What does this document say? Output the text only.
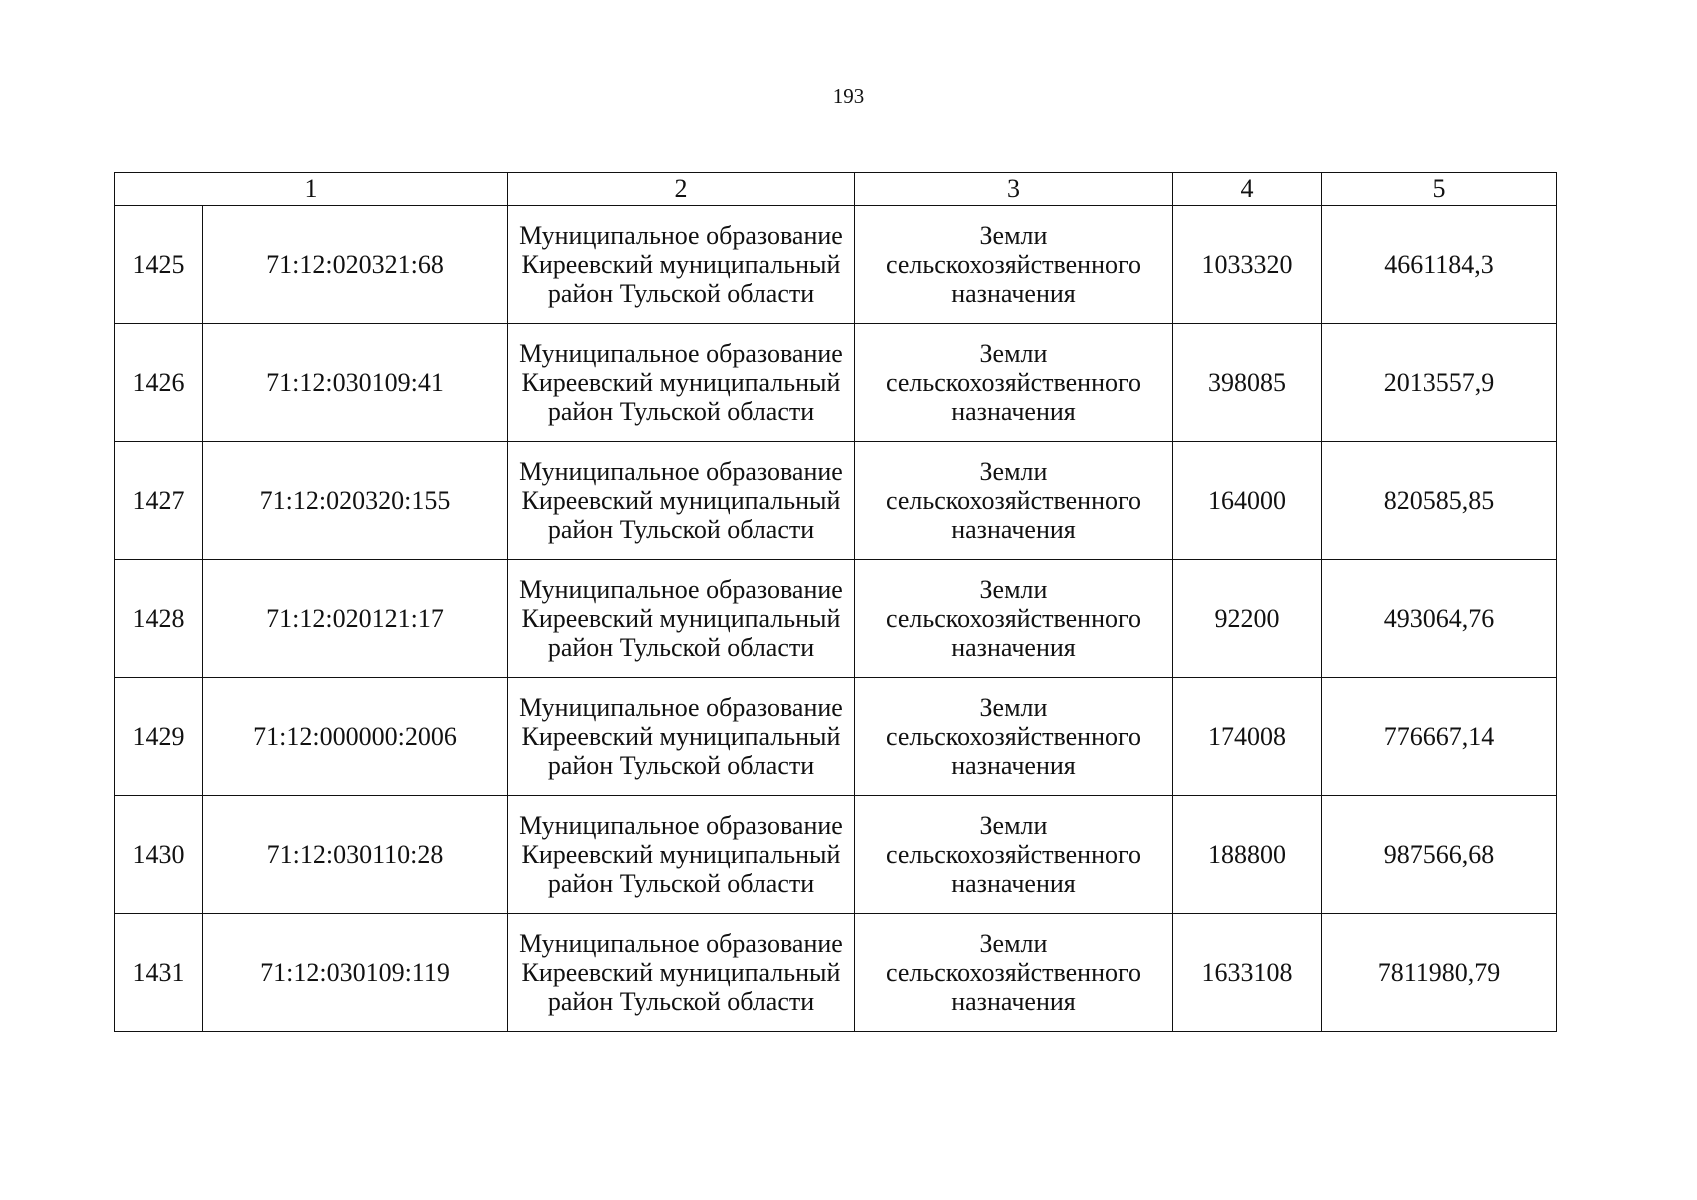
193
1		2	3	4	5
1425	71:12:020321:68	Муниципальное образование Киреевский муниципальный район Тульской области	Земли сельскохозяйственного назначения	1033320	4661184,3
1426	71:12:030109:41	Муниципальное образование Киреевский муниципальный район Тульской области	Земли сельскохозяйственного назначения	398085	2013557,9
1427	71:12:020320:155	Муниципальное образование Киреевский муниципальный район Тульской области	Земли сельскохозяйственного назначения	164000	820585,85
1428	71:12:020121:17	Муниципальное образование Киреевский муниципальный район Тульской области	Земли сельскохозяйственного назначения	92200	493064,76
1429	71:12:000000:2006	Муниципальное образование Киреевский муниципальный район Тульской области	Земли сельскохозяйственного назначения	174008	776667,14
1430	71:12:030110:28	Муниципальное образование Киреевский муниципальный район Тульской области	Земли сельскохозяйственного назначения	188800	987566,68
1431	71:12:030109:119	Муниципальное образование Киреевский муниципальный район Тульской области	Земли сельскохозяйственного назначения	1633108	7811980,79
